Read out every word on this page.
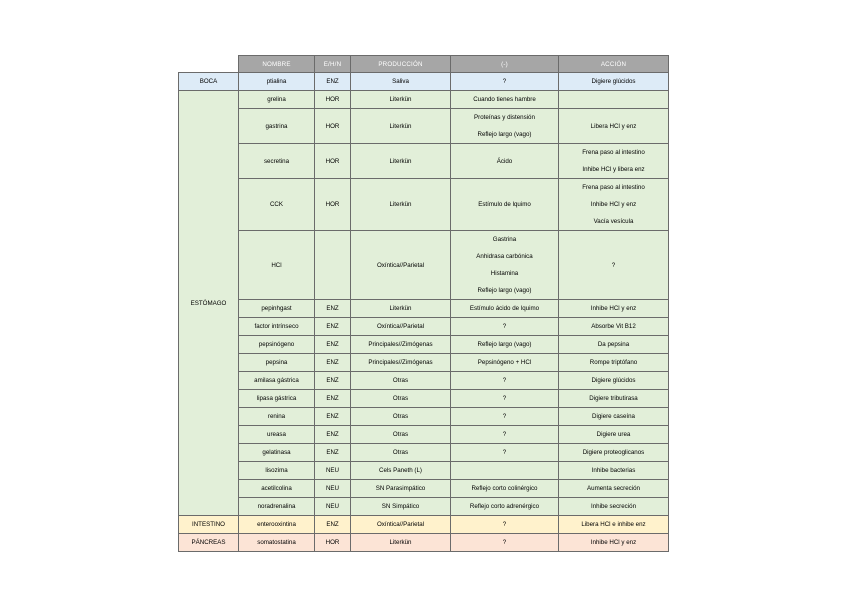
	NOMBRE	E/H/N	PRODUCCIÓN	(-)	ACCIÓN
BOCA	ptialina	ENZ	Saliva	?	Digiere glúcidos

ESTÓMAGO	grelina	HOR	Literkün	Cuando tienes hambre	

	gastrina	HOR	Literkün	Proteínas y distensión
Reflejo largo (vago)	Libera HCl y enz

	secretina	HOR	Literkün	Ácido	Frena paso al intestino
Inhibe HCl y libera enz

	CCK	HOR	Literkün	Estímulo de lquimo	Frena paso al intestino
Inhibe HCl y enz
Vacía vesícula

	HCl		Oxíntica//Parietal	Gastrina
Anhidrasa carbónica
Histamina
Reflejo largo (vago)	?

	pepinhgast	ENZ	Literkün	Estímulo ácido de lquimo	Inhibe HCl y enz

	factor intrínseco	ENZ	Oxíntica//Parietal	?	Absorbe Vit B12

	pepsinógeno	ENZ	Principales//Zimógenas	Reflejo largo (vago)	Da pepsina

	pepsina	ENZ	Principales//Zimógenas	Pepsinógeno + HCl	Rompe triptófano

	amilasa gástrica	ENZ	Otras	?	Digiere glúcidos

	lipasa gástrica	ENZ	Otras	?	Digiere tributirasa

	renina	ENZ	Otras	?	Digiere caseína

	ureasa	ENZ	Otras	?	Digiere urea

	gelatinasa	ENZ	Otras	?	Digiere proteoglicanos

	lisozima	NEU	Cels Paneth (L)		Inhibe bacterias

	acetilcolina	NEU	SN Parasimpático	Reflejo corto colinérgico	Aumenta secreción

	noradrenalina	NEU	SN Simpático	Reflejo corto adrenérgico	Inhibe secreción

INTESTINO	enterooxintina	ENZ	Oxíntica//Parietal	?	Libera HCl e inhibe enz

PÁNCREAS	somatostatina	HOR	Literkün	?	Inhibe HCl y enz
